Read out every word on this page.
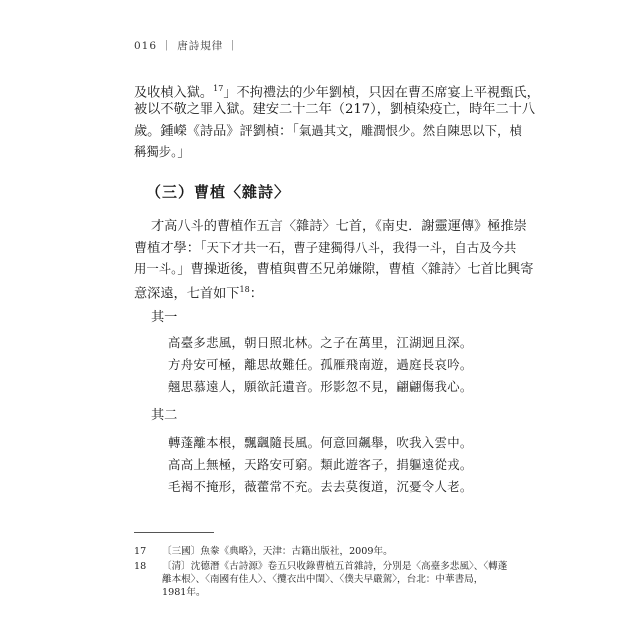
016 ｜ 唐詩規律 ｜
及收楨入獄。$^{17}$」不拘禮法的少年劉楨，只因在曹丕席宴上平視甄氏，
被以不敬之罪入獄。建安二十二年（217），劉楨染疫亡，時年二十八
歲。鍾嶸《詩品》評劉楨：「氣過其文，雕潤恨少。然自陳思以下，楨
稱獨步。」
（三）曹植〈雜詩〉
才高八斗的曹植作五言〈雜詩〉七首，《南史．謝靈運傳》極推崇
曹植才學：「天下才共一石，曹子建獨得八斗，我得一斗，自古及今共
用一斗。」曹操逝後，曹植與曹丕兄弟嫌隙，曹植〈雜詩〉七首比興寄
意深遠，七首如下$^{18}$：
其一
高臺多悲風，朝日照北林。之子在萬里，江湖迥且深。
方舟安可極，離思故難任。孤雁飛南遊，過庭長哀吟。
翹思慕遠人，願欲託遺音。形影忽不見，翩翩傷我心。
其二
轉蓬離本根，飄颻隨長風。何意回飆舉，吹我入雲中。
高高上無極，天路安可窮。類此遊客子，捐軀遠從戎。
毛褐不掩形，薇藿常不充。去去莫復道，沉憂令人老。
17 〔三國〕魚豢《典略》，天津：古籍出版社，2009年。
18 〔清〕沈德潛《古詩源》卷五只收錄曹植五首雜詩，分別是〈高臺多悲風〉、〈轉蓬
離本根〉、〈南國有佳人〉、〈攬衣出中閨〉、〈僕夫早嚴駕〉，台北：中華書局，
1981年。
